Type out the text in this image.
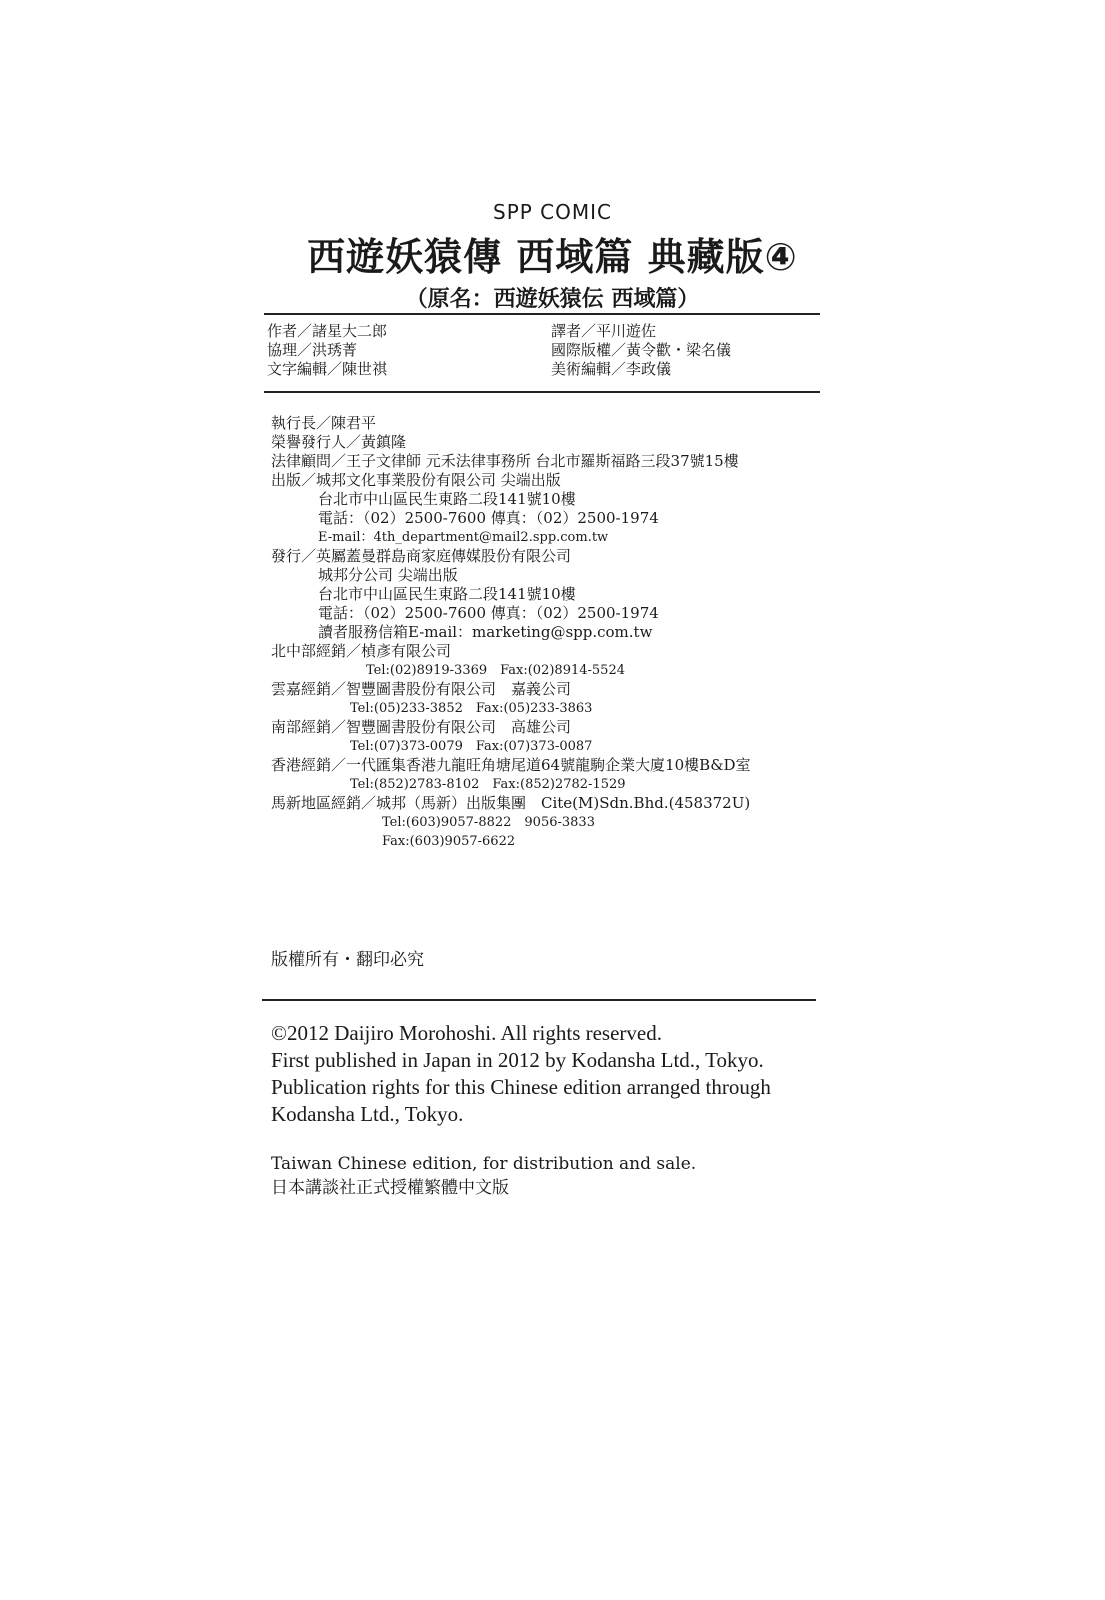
SPP COMIC
西遊妖猿傳 西域篇 典藏版④
（原名：西遊妖猿伝 西域篇）
作者／諸星大二郎
協理／洪琇菁
文字編輯／陳世祺
譯者／平川遊佐
國際版權／黃令歡・梁名儀
美術編輯／李政儀
執行長／陳君平
榮譽發行人／黃鎮隆
法律顧問／王子文律師 元禾法律事務所 台北市羅斯福路三段37號15樓
出版／城邦文化事業股份有限公司 尖端出版
台北市中山區民生東路二段141號10樓
電話：（02）2500-7600 傳真：（02）2500-1974
E-mail：4th_department@mail2.spp.com.tw
發行／英屬蓋曼群島商家庭傳媒股份有限公司
城邦分公司 尖端出版
台北市中山區民生東路二段141號10樓
電話：（02）2500-7600 傳真：（02）2500-1974
讀者服務信箱E-mail：marketing@spp.com.tw
北中部經銷／楨彥有限公司
Tel:(02)8919-3369　Fax:(02)8914-5524
雲嘉經銷／智豐圖書股份有限公司　嘉義公司
Tel:(05)233-3852　Fax:(05)233-3863
南部經銷／智豐圖書股份有限公司　高雄公司
Tel:(07)373-0079　Fax:(07)373-0087
香港經銷／一代匯集香港九龍旺角塘尾道64號龍駒企業大廈10樓B&D室
Tel:(852)2783-8102　Fax:(852)2782-1529
馬新地區經銷／城邦（馬新）出版集團　Cite(M)Sdn.Bhd.(458372U)
Tel:(603)9057-8822　9056-3833
Fax:(603)9057-6622
版權所有・翻印必究
©2012 Daijiro Morohoshi. All rights reserved.
First published in Japan in 2012 by Kodansha Ltd., Tokyo.
Publication rights for this Chinese edition arranged through
Kodansha Ltd., Tokyo.
Taiwan Chinese edition, for distribution and sale.
日本講談社正式授權繁體中文版
